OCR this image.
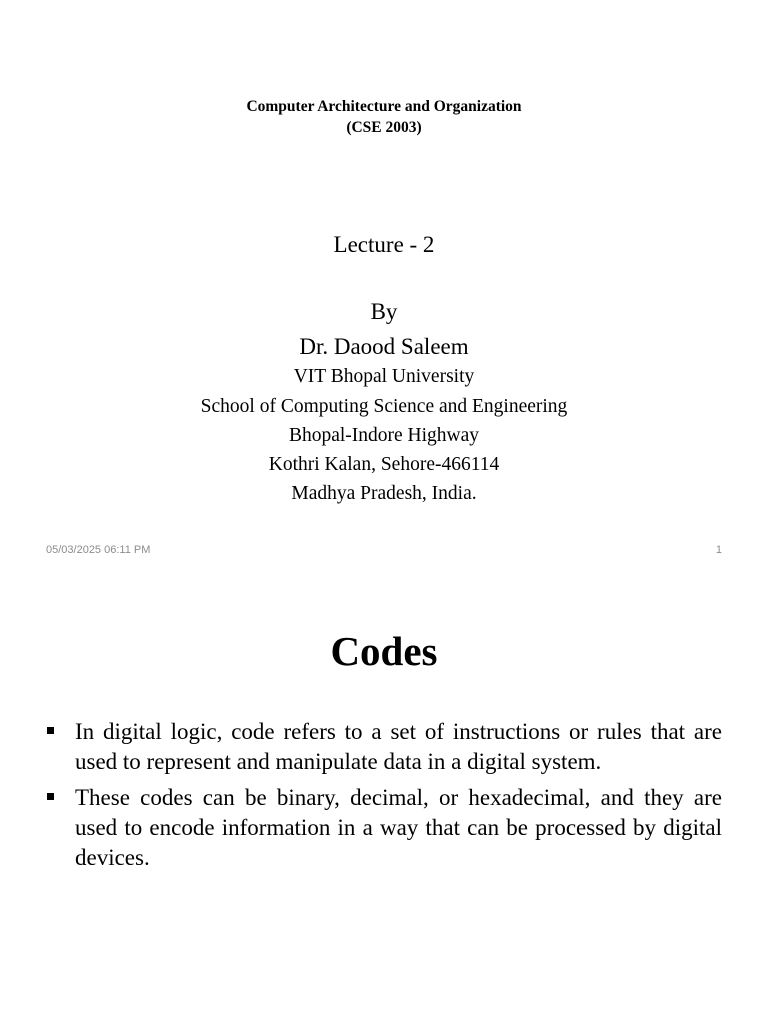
Computer Architecture and Organization
(CSE 2003)
Lecture - 2
By
Dr. Daood Saleem
VIT Bhopal University
School of Computing Science and Engineering
Bhopal-Indore Highway
Kothri Kalan, Sehore-466114
Madhya Pradesh, India.
05/03/2025 06:11 PM	1
Codes
In digital logic, code refers to a set of instructions or rules that are used to represent and manipulate data in a digital system.
These codes can be binary, decimal, or hexadecimal, and they are used to encode information in a way that can be processed by digital devices.
